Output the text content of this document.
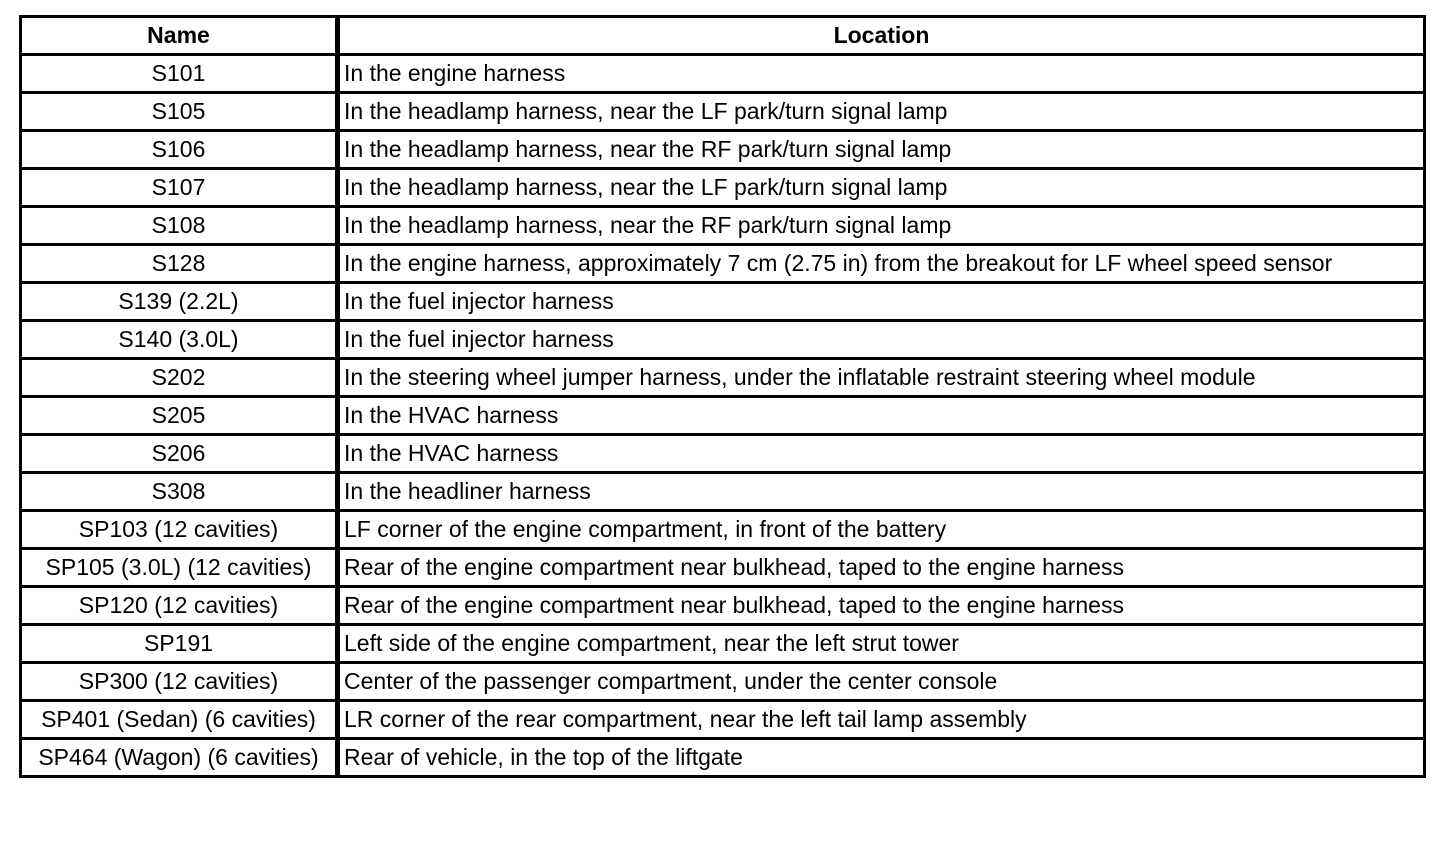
Name	Location
S101	In the engine harness
S105	In the headlamp harness, near the LF park/turn signal lamp
S106	In the headlamp harness, near the RF park/turn signal lamp
S107	In the headlamp harness, near the LF park/turn signal lamp
S108	In the headlamp harness, near the RF park/turn signal lamp
S128	In the engine harness, approximately 7 cm (2.75 in) from the breakout for LF wheel speed sensor
S139 (2.2L)	In the fuel injector harness
S140 (3.0L)	In the fuel injector harness
S202	In the steering wheel jumper harness, under the inflatable restraint steering wheel module
S205	In the HVAC harness
S206	In the HVAC harness
S308	In the headliner harness
SP103 (12 cavities)	LF corner of the engine compartment, in front of the battery
SP105 (3.0L) (12 cavities)	Rear of the engine compartment near bulkhead, taped to the engine harness
SP120 (12 cavities)	Rear of the engine compartment near bulkhead, taped to the engine harness
SP191	Left side of the engine compartment, near the left strut tower
SP300 (12 cavities)	Center of the passenger compartment, under the center console
SP401 (Sedan) (6 cavities)	LR corner of the rear compartment, near the left tail lamp assembly
SP464 (Wagon) (6 cavities)	Rear of vehicle, in the top of the liftgate
